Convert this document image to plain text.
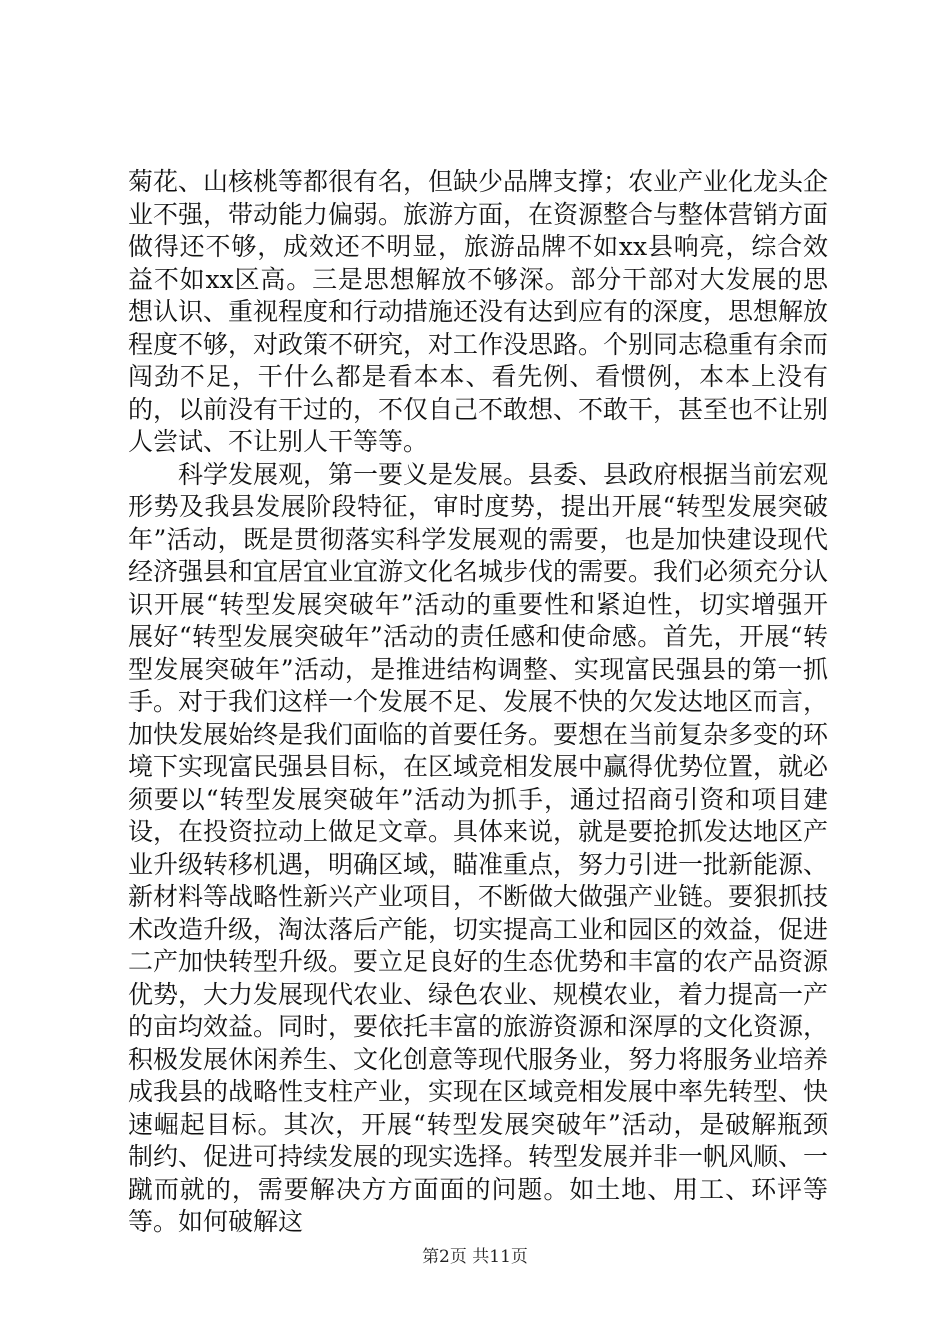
菊花、山核桃等都很有名，但缺少品牌支撑；农业产业化龙头企业不强，带动能力偏弱。旅游方面，在资源整合与整体营销方面做得还不够，成效还不明显，旅游品牌不如xx县响亮，综合效益不如xx区高。三是思想解放不够深。部分干部对大发展的思想认识、重视程度和行动措施还没有达到应有的深度，思想解放程度不够，对政策不研究，对工作没思路。个别同志稳重有余而闯劲不足，干什么都是看本本、看先例、看惯例，本本上没有的，以前没有干过的，不仅自己不敢想、不敢干，甚至也不让别人尝试、不让别人干等等。

科学发展观，第一要义是发展。县委、县政府根据当前宏观形势及我县发展阶段特征，审时度势，提出开展“转型发展突破年”活动，既是贯彻落实科学发展观的需要，也是加快建设现代经济强县和宜居宜业宜游文化名城步伐的需要。我们必须充分认识开展“转型发展突破年”活动的重要性和紧迫性，切实增强开展好“转型发展突破年”活动的责任感和使命感。首先，开展“转型发展突破年”活动，是推进结构调整、实现富民强县的第一抓手。对于我们这样一个发展不足、发展不快的欠发达地区而言，加快发展始终是我们面临的首要任务。要想在当前复杂多变的环境下实现富民强县目标，在区域竞相发展中赢得优势位置，就必须要以“转型发展突破年”活动为抓手，通过招商引资和项目建设，在投资拉动上做足文章。具体来说，就是要抢抓发达地区产业升级转移机遇，明确区域，瞄准重点，努力引进一批新能源、新材料等战略性新兴产业项目，不断做大做强产业链。要狠抓技术改造升级，淘汰落后产能，切实提高工业和园区的效益，促进二产加快转型升级。要立足良好的生态优势和丰富的农产品资源优势，大力发展现代农业、绿色农业、规模农业，着力提高一产的亩均效益。同时，要依托丰富的旅游资源和深厚的文化资源，积极发展休闲养生、文化创意等现代服务业，努力将服务业培养成我县的战略性支柱产业，实现在区域竞相发展中率先转型、快速崛起目标。其次，开展“转型发展突破年”活动，是破解瓶颈制约、促进可持续发展的现实选择。转型发展并非一帆风顺、一蹴而就的，需要解决方方面面的问题。如土地、用工、环评等等。如何破解这

第2页 共11页
